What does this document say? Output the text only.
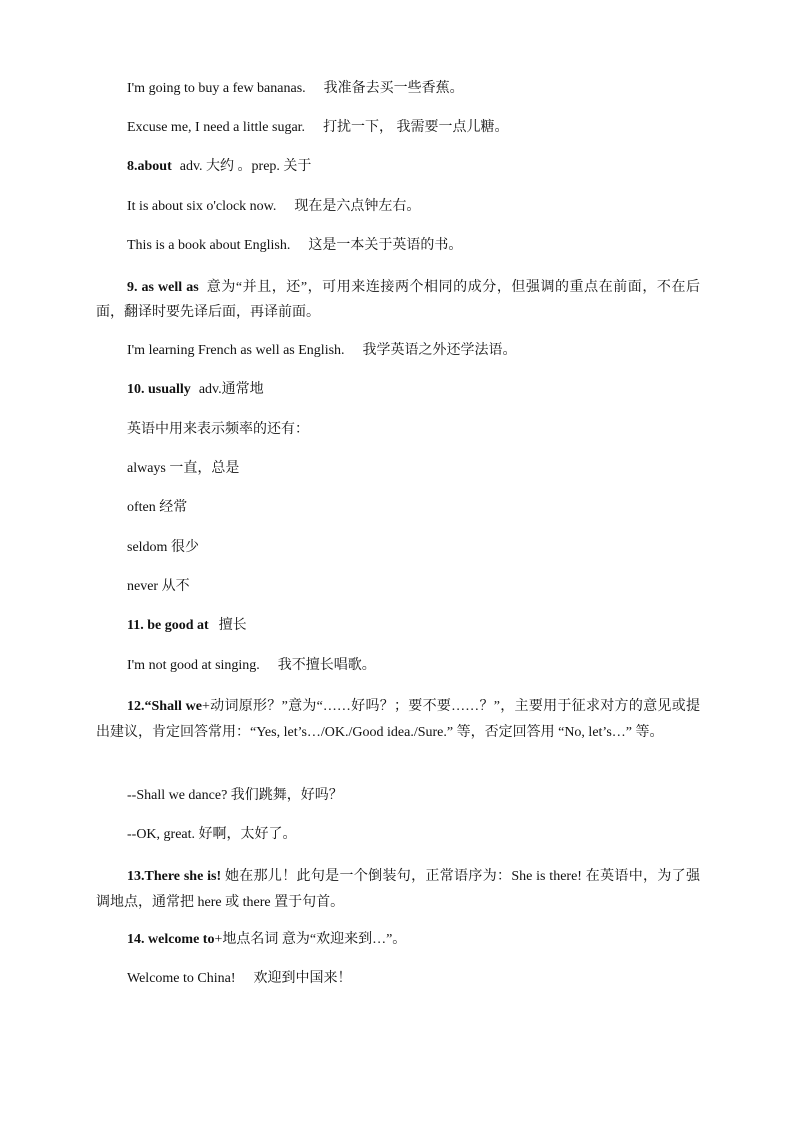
I'm going to buy a few bananas. 我准备去买一些香蕉。
Excuse me, I need a little sugar. 打扰一下， 我需要一点儿糖。
8.about adv. 大约 。prep. 关于
It is about six o'clock now. 现在是六点钟左右。
This is a book about English. 这是一本关于英语的书。
9. as well as 意为“并且，还”，可用来连接两个相同的成分，但强调的重点在前面，不在后面，翻译时要先译后面，再译前面。
I'm learning French as well as English. 我学英语之外还学法语。
10. usually adv.通常地
英语中用来表示频率的还有：
always 一直，总是
often 经常
seldom 很少
never 从不
11. be good at 擅长
I'm not good at singing. 我不擅长唱歌。
12.“Shall we+动词原形？”意为“……好吗？；要不要……？”，主要用于征求对方的意见或提出建议，肯定回答常用：“Yes, let’s…/OK./Good idea./Sure.” 等，否定回答用 “No, let’s…” 等。
--Shall we dance? 我们跳舞，好吗？
--OK, great. 好啊，太好了。
13.There she is! 她在那儿！此句是一个倒装句，正常语序为：She is there! 在英语中，为了强调地点，通常把 here 或 there 置于句首。
14. welcome to+地点名词 意为“欢迎来到…”。
Welcome to China! 欢迎到中国来！
